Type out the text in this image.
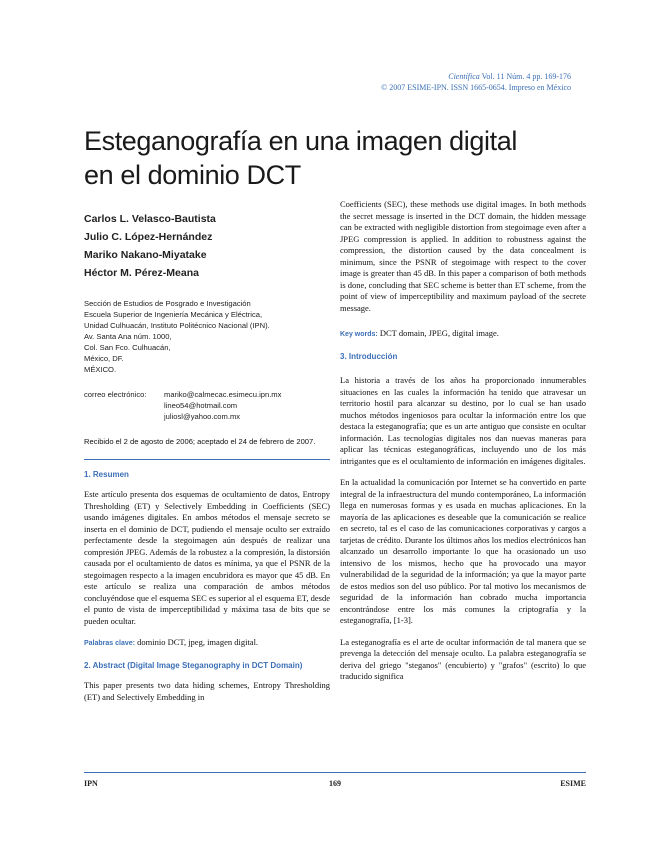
Científica Vol. 11 Núm. 4 pp. 169-176
© 2007 ESIME-IPN. ISSN 1665-0654. Impreso en México
Esteganografía en una imagen digital
en el dominio DCT
Carlos L. Velasco-Bautista
Julio C. López-Hernández
Mariko Nakano-Miyatake
Héctor M. Pérez-Meana
Sección de Estudios de Posgrado e Investigación
Escuela Superior de Ingeniería Mecánica y Eléctrica,
Unidad Culhuacán, Instituto Politécnico Nacional (IPN).
Av. Santa Ana núm. 1000,
Col. San Fco. Culhuacán,
México, DF.
MÉXICO.
correo electrónico:	mariko@calmecac.esimecu.ipn.mx
lineo54@hotmail.com
juliosl@yahoo.com.mx
Recibido el 2 de agosto de 2006; aceptado el 24 de febrero de 2007.
1. Resumen
Este artículo presenta dos esquemas de ocultamiento de datos, Entropy Thresholding (ET) y Selectively Embedding in Coefficients (SEC) usando imágenes digitales. En ambos métodos el mensaje secreto se inserta en el dominio de DCT, pudiendo el mensaje oculto ser extraído perfectamente desde la stegoimagen aún después de realizar una compresión JPEG. Además de la robustez a la compresión, la distorsión causada por el ocultamiento de datos es mínima, ya que el PSNR de la stegoimagen respecto a la imagen encubridora es mayor que 45 dB. En este artículo se realiza una comparación de ambos métodos concluyéndose que el esquema SEC es superior al el esquema ET, desde el punto de vista de imperceptibilidad y máxima tasa de bits que se pueden ocultar.
Palabras clave: dominio DCT, jpeg, imagen digital.
2. Abstract (Digital Image Steganography in DCT Domain)
This paper presents two data hiding schemes, Entropy Thresholding (ET) and Selectively Embedding in
Coefficients (SEC), these methods use digital images. In both methods the secret message is inserted in the DCT domain, the hidden message can be extracted with negligible distortion from stegoimage even after a JPEG compression is applied. In addition to robustness against the compression, the distortion caused by the data concealment is minimum, since the PSNR of stegoimage with respect to the cover image is greater than 45 dB. In this paper a comparison of both methods is done, concluding that SEC scheme is better than ET scheme, from the point of view of imperceptibility and maximum payload of the secrete message.
Key words: DCT domain, JPEG, digital image.
3. Introducción
La historia a través de los años ha proporcionado innumerables situaciones en las cuales la información ha tenido que atravesar un territorio hostil para alcanzar su destino, por lo cual se han usado muchos métodos ingeniosos para ocultar la información entre los que destaca la esteganografía; que es un arte antiguo que consiste en ocultar información. Las tecnologías digitales nos dan nuevas maneras para aplicar las técnicas esteganográficas, incluyendo uno de los más intrigantes que es el ocultamiento de información en imágenes digitales.
En la actualidad la comunicación por Internet se ha convertido en parte integral de la infraestructura del mundo contemporáneo, La información llega en numerosas formas y es usada en muchas aplicaciones. En la mayoría de las aplicaciones es deseable que la comunicación se realice en secreto, tal es el caso de las comunicaciones corporativas y cargos a tarjetas de crédito. Durante los últimos años los medios electrónicos han alcanzado un desarrollo importante lo que ha ocasionado un uso intensivo de los mismos, hecho que ha provocado una mayor vulnerabilidad de la seguridad de la información; ya que la mayor parte de estos medios son del uso público. Por tal motivo los mecanismos de seguridad de la información han cobrado mucha importancia encontrándose entre los más comunes la criptografía y la esteganografía, [1-3].
La esteganografía es el arte de ocultar información de tal manera que se prevenga la detección del mensaje oculto. La palabra esteganografía se deriva del griego "steganos" (encubierto) y "grafos" (escrito) lo que traducido significa
IPN	169	ESIME
